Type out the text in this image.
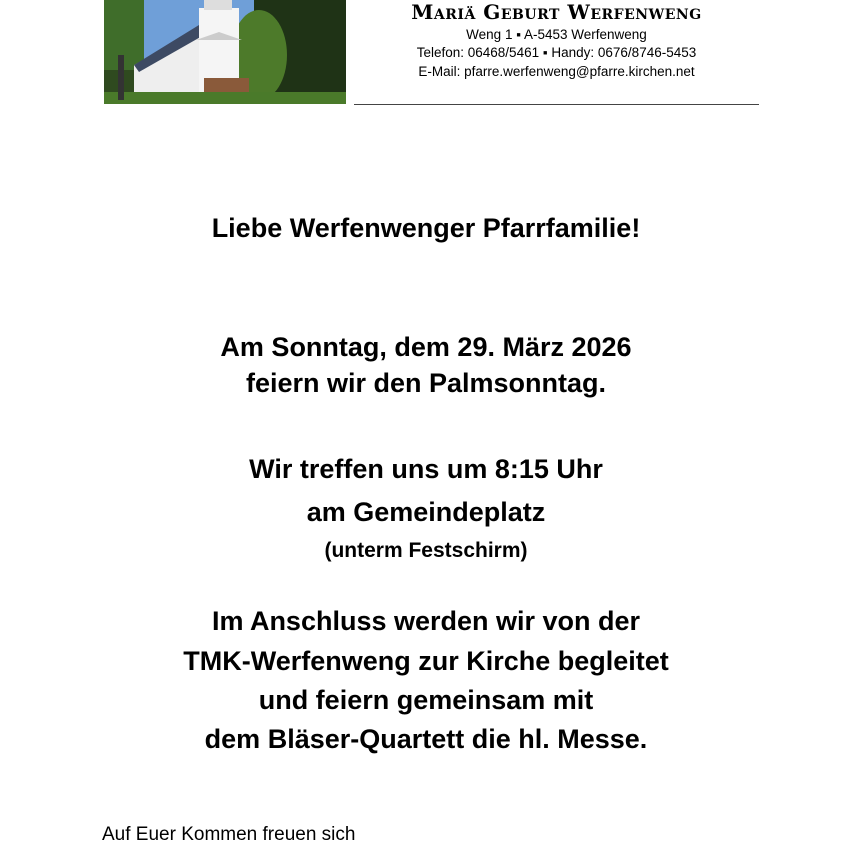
Mariä Geburt Werfenweng
Weng 1 ▪ A-5453 Werfenweng
Telefon: 06468/5461 ▪ Handy: 0676/8746-5453
E-Mail: pfarre.werfenweng@pfarre.kirchen.net
Liebe Werfenwenger Pfarrfamilie!
Am Sonntag, dem 29. März 2026
feiern wir den Palmsonntag.
Wir treffen uns um 8:15 Uhr
am Gemeindeplatz
(unterm Festschirm)
Im Anschluss werden wir von der
TMK-Werfenweng zur Kirche begleitet
und feiern gemeinsam mit
dem Bläser-Quartett die hl. Messe.
Auf Euer Kommen freuen sich
